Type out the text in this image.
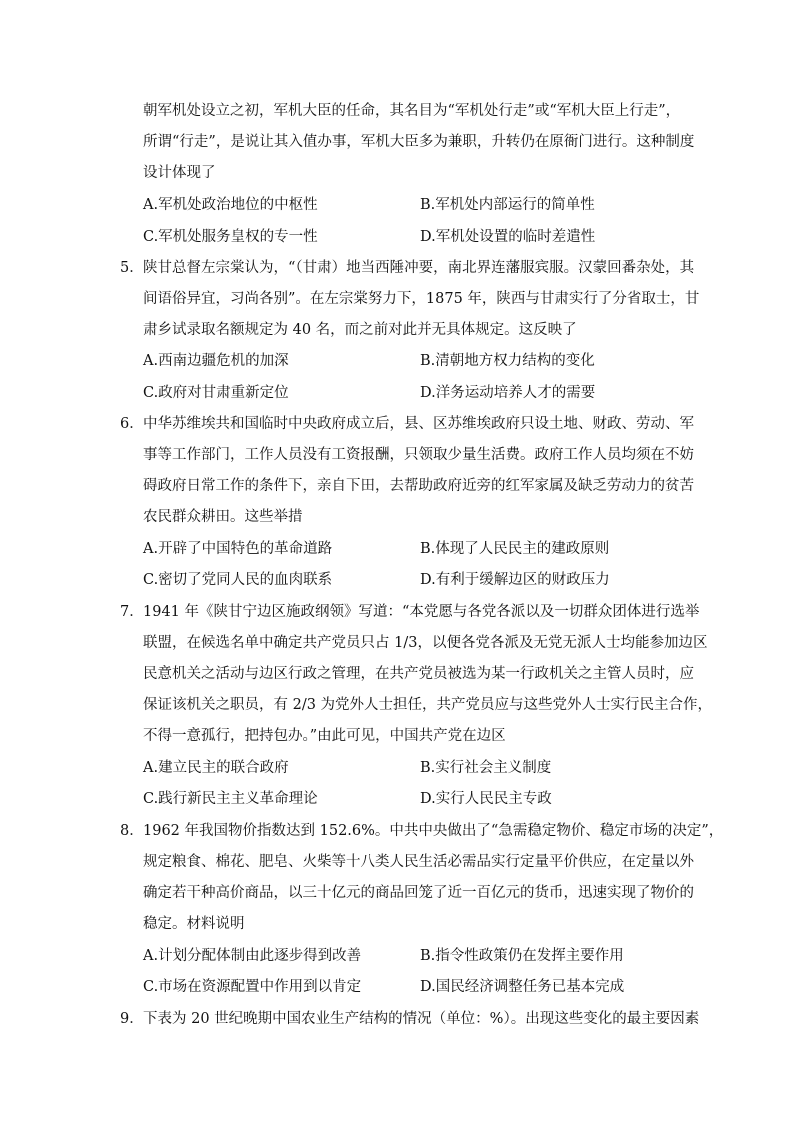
朝军机处设立之初，军机大臣的任命，其名目为“军机处行走”或“军机大臣上行走”，
所谓“行走”，是说让其入值办事，军机大臣多为兼职，升转仍在原衙门进行。这种制度
设计体现了
A.军机处政治地位的中枢性	B.军机处内部运行的简单性
C.军机处服务皇权的专一性	D.军机处设置的临时差遣性
5． 陕甘总督左宗棠认为，“（甘肃）地当西陲冲要，南北界连藩服宾服。汉蒙回番杂处，其
间语俗异宜，习尚各别”。在左宗棠努力下，1875 年，陕西与甘肃实行了分省取士，甘
肃乡试录取名额规定为 40 名，而之前对此并无具体规定。这反映了
A.西南边疆危机的加深	B.清朝地方权力结构的变化
C.政府对甘肃重新定位	D.洋务运动培养人才的需要
6． 中华苏维埃共和国临时中央政府成立后，县、区苏维埃政府只设土地、财政、劳动、军
事等工作部门，工作人员没有工资报酬，只领取少量生活费。政府工作人员均须在不妨
碍政府日常工作的条件下，亲自下田，去帮助政府近旁的红军家属及缺乏劳动力的贫苦
农民群众耕田。这些举措
A.开辟了中国特色的革命道路	B.体现了人民民主的建政原则
C.密切了党同人民的血肉联系	D.有利于缓解边区的财政压力
7． 1941 年《陕甘宁边区施政纲领》写道：“本党愿与各党各派以及一切群众团体进行选举
联盟，在候选名单中确定共产党员只占 1/3，以便各党各派及无党无派人士均能参加边区
民意机关之活动与边区行政之管理，在共产党员被选为某一行政机关之主管人员时，应
保证该机关之职员，有 2/3 为党外人士担任，共产党员应与这些党外人士实行民主合作，
不得一意孤行，把持包办。”由此可见，中国共产党在边区
A.建立民主的联合政府	B.实行社会主义制度
C.践行新民主主义革命理论	D.实行人民民主专政
8． 1962 年我国物价指数达到 152.6%。中共中央做出了“急需稳定物价、稳定市场的决定”，
规定粮食、棉花、肥皂、火柴等十八类人民生活必需品实行定量平价供应，在定量以外
确定若干种高价商品，以三十亿元的商品回笼了近一百亿元的货币，迅速实现了物价的
稳定。材料说明
A.计划分配体制由此逐步得到改善	B.指令性政策仍在发挥主要作用
C.市场在资源配置中作用到以肯定	D.国民经济调整任务已基本完成
9． 下表为 20 世纪晚期中国农业生产结构的情况（单位：%）。出现这些变化的最主要因素
